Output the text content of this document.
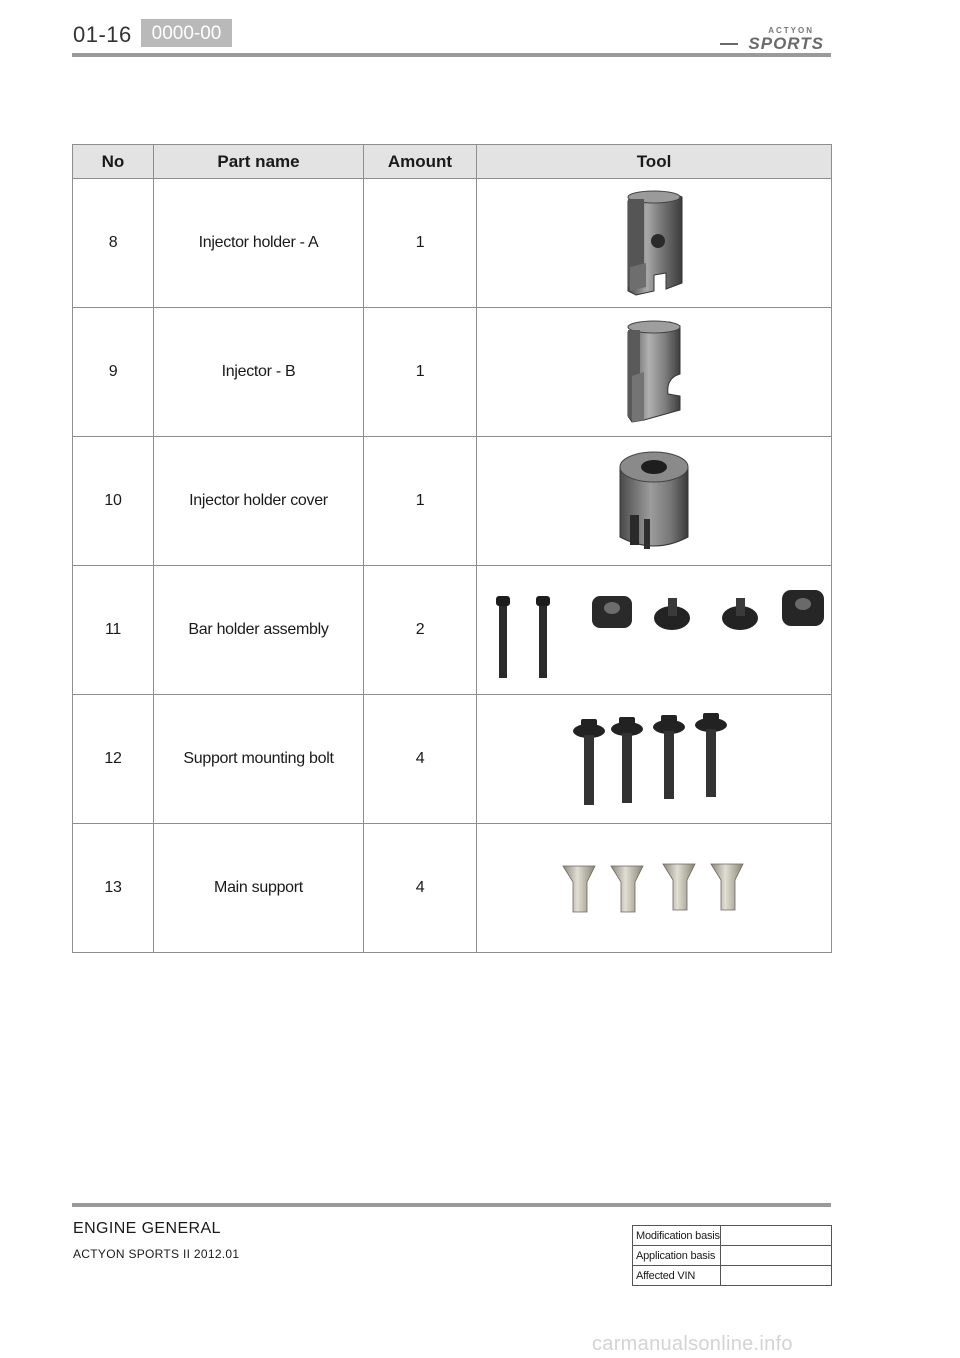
01-16	0000-00	ACTYON
SPORTS
No	Part name	Amount	Tool
8	Injector holder - A	1	

9	Injector - B	1	

10	Injector holder cover	1	

11	Bar holder assembly	2	

12	Support mounting bolt	4	

13	Main support	4	
ENGINE GENERAL
ACTYON SPORTS II 2012.01
Modification basis	
Application basis	
Affected VIN	
carmanualsonline.info
